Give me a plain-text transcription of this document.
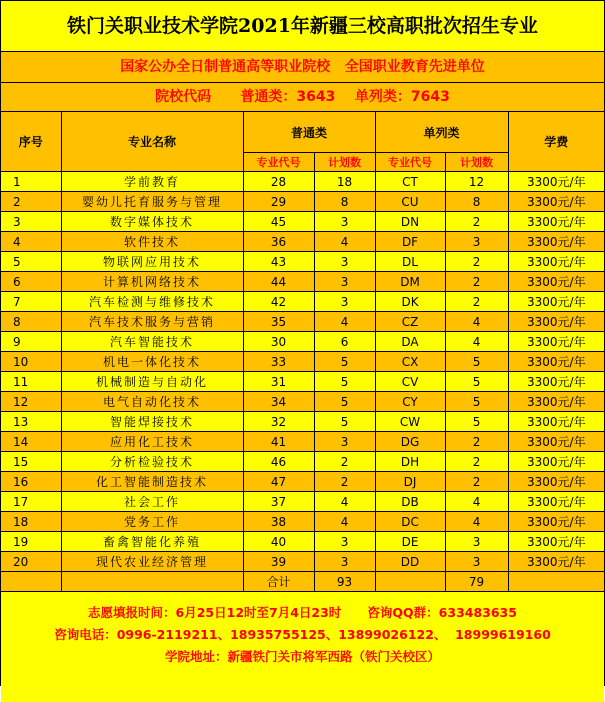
铁门关职业技术学院2021年新疆三校高职批次招生专业
国家公办全日制普通高等职业院校   全国职业教育先进单位
院校代码 普通类：3643 单列类：7643
序号	专业名称	普通类		单列类		学费
		专业代号	计划数	专业代号	计划数	
1	学前教育	28	18	CT	12	3300元/年
2	婴幼儿托育服务与管理	29	8	CU	8	3300元/年
3	数字媒体技术	45	3	DN	2	3300元/年
4	软件技术	36	4	DF	3	3300元/年
5	物联网应用技术	43	3	DL	2	3300元/年
6	计算机网络技术	44	3	DM	2	3300元/年
7	汽车检测与维修技术	42	3	DK	2	3300元/年
8	汽车技术服务与营销	35	4	CZ	4	3300元/年
9	汽车智能技术	30	6	DA	4	3300元/年
10	机电一体化技术	33	5	CX	5	3300元/年
11	机械制造与自动化	31	5	CV	5	3300元/年
12	电气自动化技术	34	5	CY	5	3300元/年
13	智能焊接技术	32	5	CW	5	3300元/年
14	应用化工技术	41	3	DG	2	3300元/年
15	分析检验技术	46	2	DH	2	3300元/年
16	化工智能制造技术	47	2	DJ	2	3300元/年
17	社会工作	37	4	DB	4	3300元/年
18	党务工作	38	4	DC	4	3300元/年
19	畜禽智能化养殖	40	3	DE	3	3300元/年
20	现代农业经济管理	39	3	DD	3	3300元/年
		合计	93		79	
志愿填报时间：6月25日12时至7月4日23时      咨询QQ群：633483635
咨询电话：0996-2119211、18935755125、13899026122、  18999619160
学院地址：新疆铁门关市将军西路（铁门关校区）
